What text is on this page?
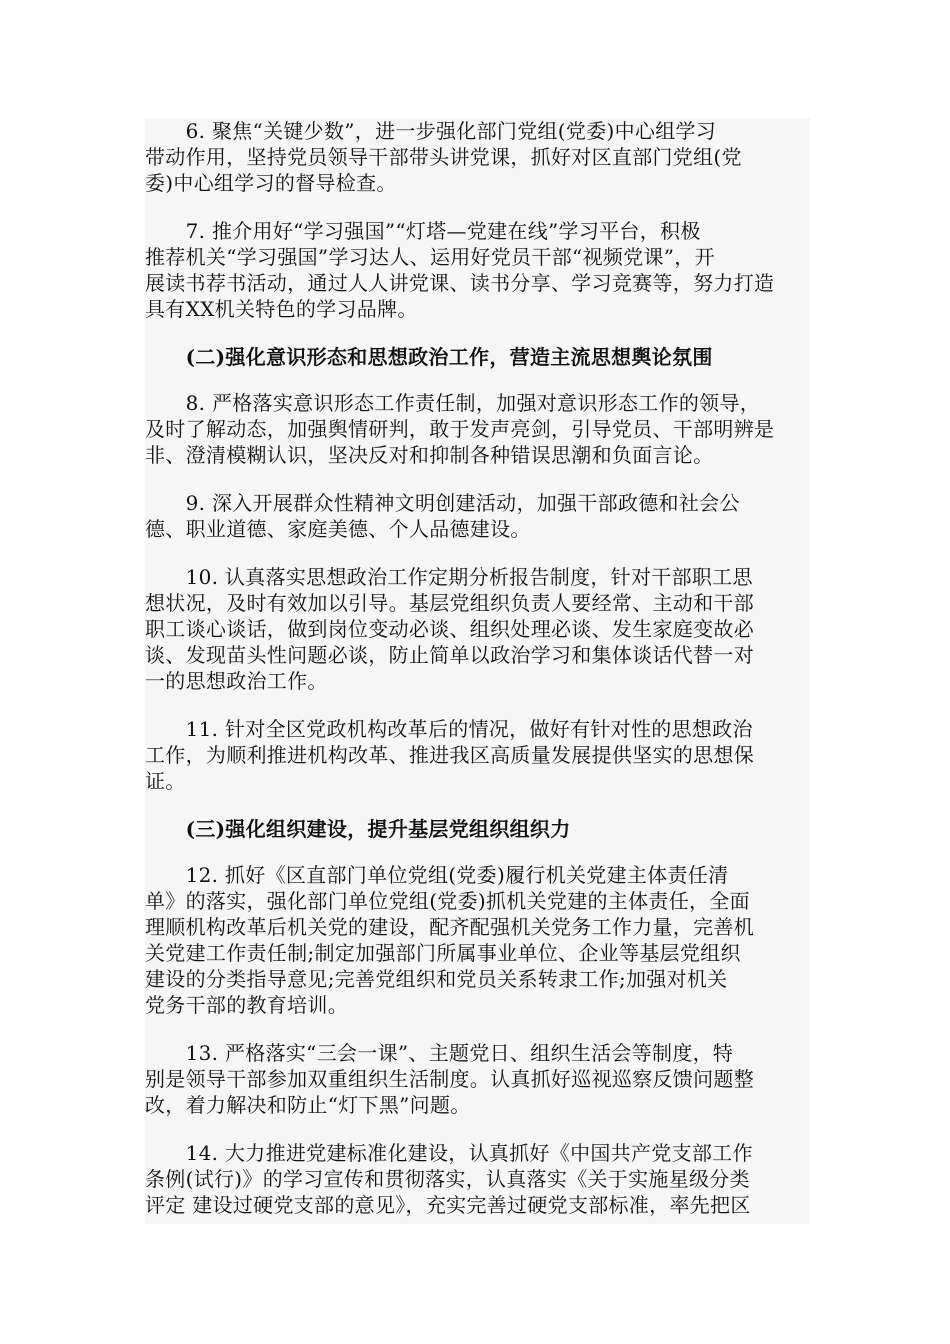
　　6. 聚焦“关键少数”，进一步强化部门党组(党委)中心组学习
带动作用，坚持党员领导干部带头讲党课，抓好对区直部门党组(党
委)中心组学习的督导检查。
　　7. 推介用好“学习强国”“灯塔—党建在线”学习平台，积极
推荐机关“学习强国”学习达人、运用好党员干部“视频党课”，开
展读书荐书活动，通过人人讲党课、读书分享、学习竞赛等，努力打造
具有XX机关特色的学习品牌。
　　(二)强化意识形态和思想政治工作，营造主流思想舆论氛围
　　8. 严格落实意识形态工作责任制，加强对意识形态工作的领导，
及时了解动态，加强舆情研判，敢于发声亮剑，引导党员、干部明辨是
非、澄清模糊认识，坚决反对和抑制各种错误思潮和负面言论。
　　9. 深入开展群众性精神文明创建活动，加强干部政德和社会公
德、职业道德、家庭美德、个人品德建设。
　　10. 认真落实思想政治工作定期分析报告制度，针对干部职工思
想状况，及时有效加以引导。基层党组织负责人要经常、主动和干部
职工谈心谈话，做到岗位变动必谈、组织处理必谈、发生家庭变故必
谈、发现苗头性问题必谈，防止简单以政治学习和集体谈话代替一对
一的思想政治工作。
　　11. 针对全区党政机构改革后的情况，做好有针对性的思想政治
工作，为顺利推进机构改革、推进我区高质量发展提供坚实的思想保
证。
　　(三)强化组织建设，提升基层党组织组织力
　　12. 抓好《区直部门单位党组(党委)履行机关党建主体责任清
单》的落实，强化部门单位党组(党委)抓机关党建的主体责任，全面
理顺机构改革后机关党的建设，配齐配强机关党务工作力量，完善机
关党建工作责任制;制定加强部门所属事业单位、企业等基层党组织
建设的分类指导意见;完善党组织和党员关系转隶工作;加强对机关
党务干部的教育培训。
　　13. 严格落实“三会一课”、主题党日、组织生活会等制度，特
别是领导干部参加双重组织生活制度。认真抓好巡视巡察反馈问题整
改，着力解决和防止“灯下黑”问题。
　　14. 大力推进党建标准化建设，认真抓好《中国共产党支部工作
条例(试行)》的学习宣传和贯彻落实，认真落实《关于实施星级分类
评定 建设过硬党支部的意见》，充实完善过硬党支部标准，率先把区
